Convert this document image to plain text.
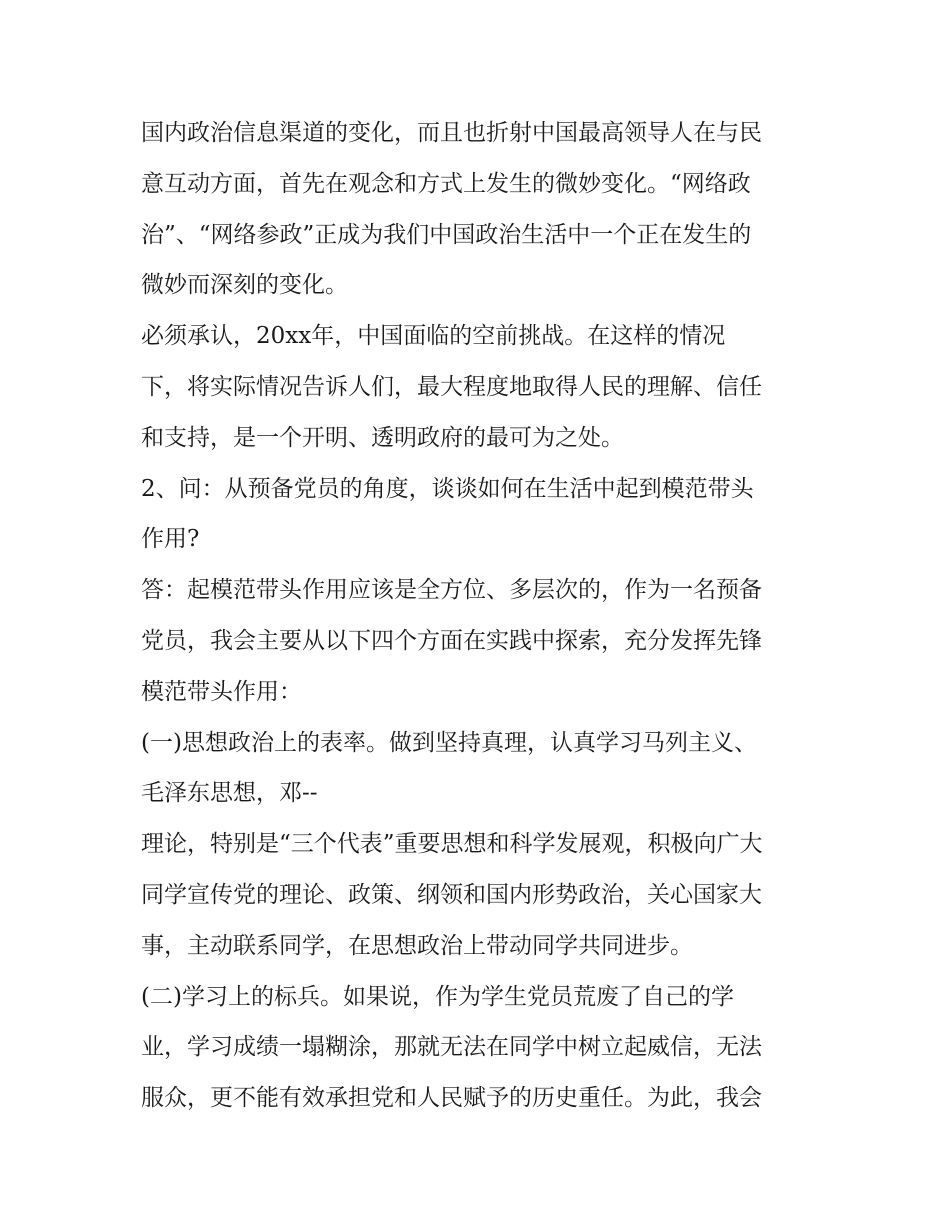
国内政治信息渠道的变化，而且也折射中国最高领导人在与民
意互动方面，首先在观念和方式上发生的微妙变化。“网络政
治”、“网络参政”正成为我们中国政治生活中一个正在发生的
微妙而深刻的变化。
必须承认，20xx年，中国面临的空前挑战。在这样的情况
下，将实际情况告诉人们，最大程度地取得人民的理解、信任
和支持，是一个开明、透明政府的最可为之处。
2、问：从预备党员的角度，谈谈如何在生活中起到模范带头
作用?
答：起模范带头作用应该是全方位、多层次的，作为一名预备
党员，我会主要从以下四个方面在实践中探索，充分发挥先锋
模范带头作用：
(一)思想政治上的表率。做到坚持真理，认真学习马列主义、
毛泽东思想，邓--
理论，特别是“三个代表”重要思想和科学发展观，积极向广大
同学宣传党的理论、政策、纲领和国内形势政治，关心国家大
事，主动联系同学，在思想政治上带动同学共同进步。
(二)学习上的标兵。如果说，作为学生党员荒废了自己的学
业，学习成绩一塌糊涂，那就无法在同学中树立起威信，无法
服众，更不能有效承担党和人民赋予的历史重任。为此，我会
